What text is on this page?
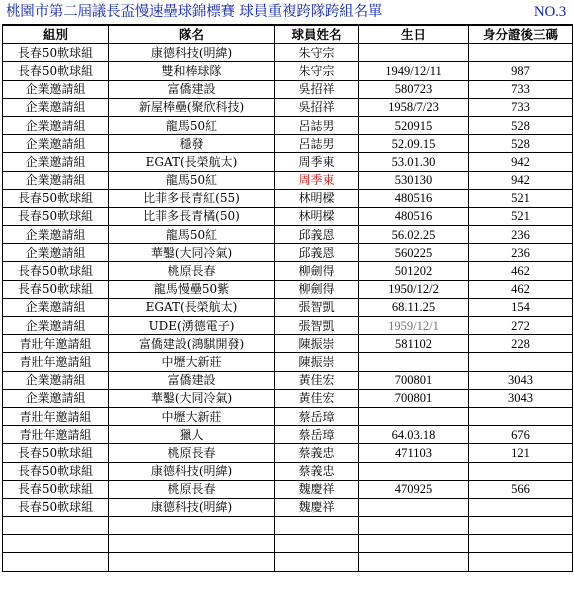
桃園市第二屆議長盃慢速壘球錦標賽 球員重複跨隊跨組名單	NO.3
組別	隊名	球員姓名	生日	身分證後三碼
長春50軟球組	康德科技(明緯)	朱守宗		
長春50軟球組	雙和棒球隊	朱守宗	1949/12/11	987
企業邀請組	富僑建設	吳招祥	580723	733
企業邀請組	新屋棒壘(聚欣科技)	吳招祥	1958/7/23	733
企業邀請組	龍馬50紅	呂誌男	520915	528
企業邀請組	穩發	呂誌男	52.09.15	528
企業邀請組	EGAT(長榮航太)	周季東	53.01.30	942
企業邀請組	龍馬50紅	周季東	530130	942
長春50軟球組	比菲多長青紅(55)	林明樑	480516	521
長春50軟球組	比菲多長青橘(50)	林明樑	480516	521
企業邀請組	龍馬50紅	邱義恩	56.02.25	236
企業邀請組	華鑿(大同冷氣)	邱義恩	560225	236
長春50軟球組	桃原長春	柳劍得	501202	462
長春50軟球組	龍馬慢壘50紫	柳劍得	1950/12/2	462
企業邀請組	EGAT(長榮航太)	張智凱	68.11.25	154
企業邀請組	UDE(湧德電子)	張智凱	1959/12/1	272
青壯年邀請組	富僑建設(鴻騏開發)	陳振崇	581102	228
青壯年邀請組	中壢大新莊	陳振崇		
企業邀請組	富僑建設	黃佳宏	700801	3043
企業邀請組	華鑿(大同冷氣)	黃佳宏	700801	3043
青壯年邀請組	中壢大新莊	蔡岳璋		
青壯年邀請組	獵人	蔡岳璋	64.03.18	676
長春50軟球組	桃原長春	蔡義忠	471103	121
長春50軟球組	康德科技(明緯)	蔡義忠		
長春50軟球組	桃原長春	魏慶祥	470925	566
長春50軟球組	康德科技(明緯)	魏慶祥		
